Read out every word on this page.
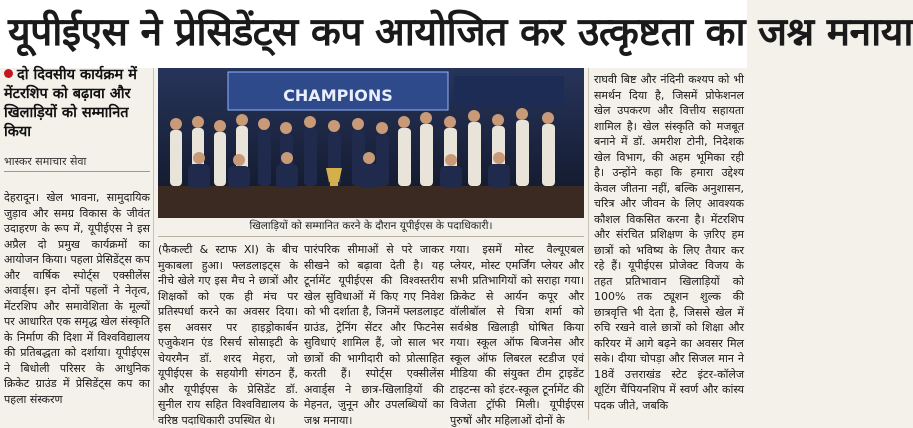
यूपीईएस ने प्रेसिडेंट्स कप आयोजित कर उत्कृष्टता का जश्न मनाया
दो दिवसीय कार्यक्रम में मेंटरशिप को बढ़ावा और खिलाड़ियों को सम्मानित किया
भास्कर समाचार सेवा
CHAMPIONS
खिलाड़ियों को सम्मानित करने के दौरान यूपीईएस के पदाधिकारी।

देहरादून। खेल भावना, सामुदायिक जुड़ाव और समग्र विकास के जीवंत उदाहरण के रूप में, यूपीईएस ने इस अप्रैल दो प्रमुख कार्यक्रमों का आयोजन किया। पहला प्रेसिडेंट्स कप और वार्षिक स्पोर्ट्स एक्सीलेंस अवार्ड्स। इन दोनों पहलों ने नेतृत्व, मेंटरशिप और समावेशिता के मूल्यों पर आधारित एक समृद्ध खेल संस्कृति के निर्माण की दिशा में विश्वविद्यालय की प्रतिबद्धता को दर्शाया। यूपीईएस ने बिधोली परिसर के आधुनिक क्रिकेट ग्राउंड में प्रेसिडेंट्स कप का पहला संस्करण

(फैकल्टी & स्टाफ XI) के बीच मुकाबला हुआ। फ्लडलाइट्स के नीचे खेले गए इस मैच ने छात्रों और शिक्षकों को एक ही मंच पर प्रतिस्पर्धा करने का अवसर दिया। इस अवसर पर हाइड्रोकार्बन एजुकेशन एंड रिसर्च सोसाइटी के चेयरमैन डॉ. शरद मेहरा, जो यूपीईएस के सहयोगी संगठन हैं, और यूपीईएस के प्रेसिडेंट डॉ. सुनील राय सहित विश्वविद्यालय के वरिष्ठ पदाधिकारी उपस्थित थे।

पारंपरिक सीमाओं से परे जाकर सीखने को बढ़ावा देती है। यह टूर्नामेंट यूपीईएस की विश्वस्तरीय खेल सुविधाओं में किए गए निवेश को भी दर्शाता है, जिनमें फ्लडलाइट ग्राउंड, ट्रेनिंग सेंटर और फिटनेस सुविधाएं शामिल हैं, जो साल भर छात्रों की भागीदारी को प्रोत्साहित करती हैं। स्पोर्ट्स एक्सीलेंस अवार्ड्स ने छात्र-खिलाड़ियों की मेहनत, जुनून और उपलब्धियों का जश्न मनाया।

गया। इसमें मोस्ट वैल्यूएबल प्लेयर, मोस्ट एमर्जिंग प्लेयर और सभी प्रतिभागियों को सराहा गया। क्रिकेट से आर्यन कपूर और वॉलीबॉल से चित्रा शर्मा को सर्वश्रेष्ठ खिलाड़ी घोषित किया गया। स्कूल ऑफ बिजनेस और स्कूल ऑफ लिबरल स्टडीज एवं मीडिया की संयुक्त टीम ट्राइडेंट टाइटन्स को इंटर-स्कूल टूर्नामेंट की विजेता ट्रॉफी मिली। यूपीईएस पुरुषों और महिलाओं दोनों के

राघवी बिष्ट और नंदिनी कश्यप को भी समर्थन दिया है, जिसमें प्रोफेशनल खेल उपकरण और वित्तीय सहायता शामिल है। खेल संस्कृति को मजबूत बनाने में डॉ. अमरीश टोनी, निदेशक खेल विभाग, की अहम भूमिका रही है। उन्होंने कहा कि हमारा उद्देश्य केवल जीतना नहीं, बल्कि अनुशासन, चरित्र और जीवन के लिए आवश्यक कौशल विकसित करना है। मेंटरशिप और संरचित प्रशिक्षण के ज़रिए हम छात्रों को भविष्य के लिए तैयार कर रहे हैं। यूपीईएस प्रोजेक्ट विजय के तहत प्रतिभावान खिलाड़ियों को 100% तक ट्यूशन शुल्क की छात्रवृत्ति भी देता है, जिससे खेल में रुचि रखने वाले छात्रों को शिक्षा और करियर में आगे बढ़ने का अवसर मिल सके। दीया चोपड़ा और सिजल मान ने 18वें उत्तराखंड स्टेट इंटर-कॉलेज शूटिंग चैंपियनशिप में स्वर्ण और कांस्य पदक जीते, जबकि
